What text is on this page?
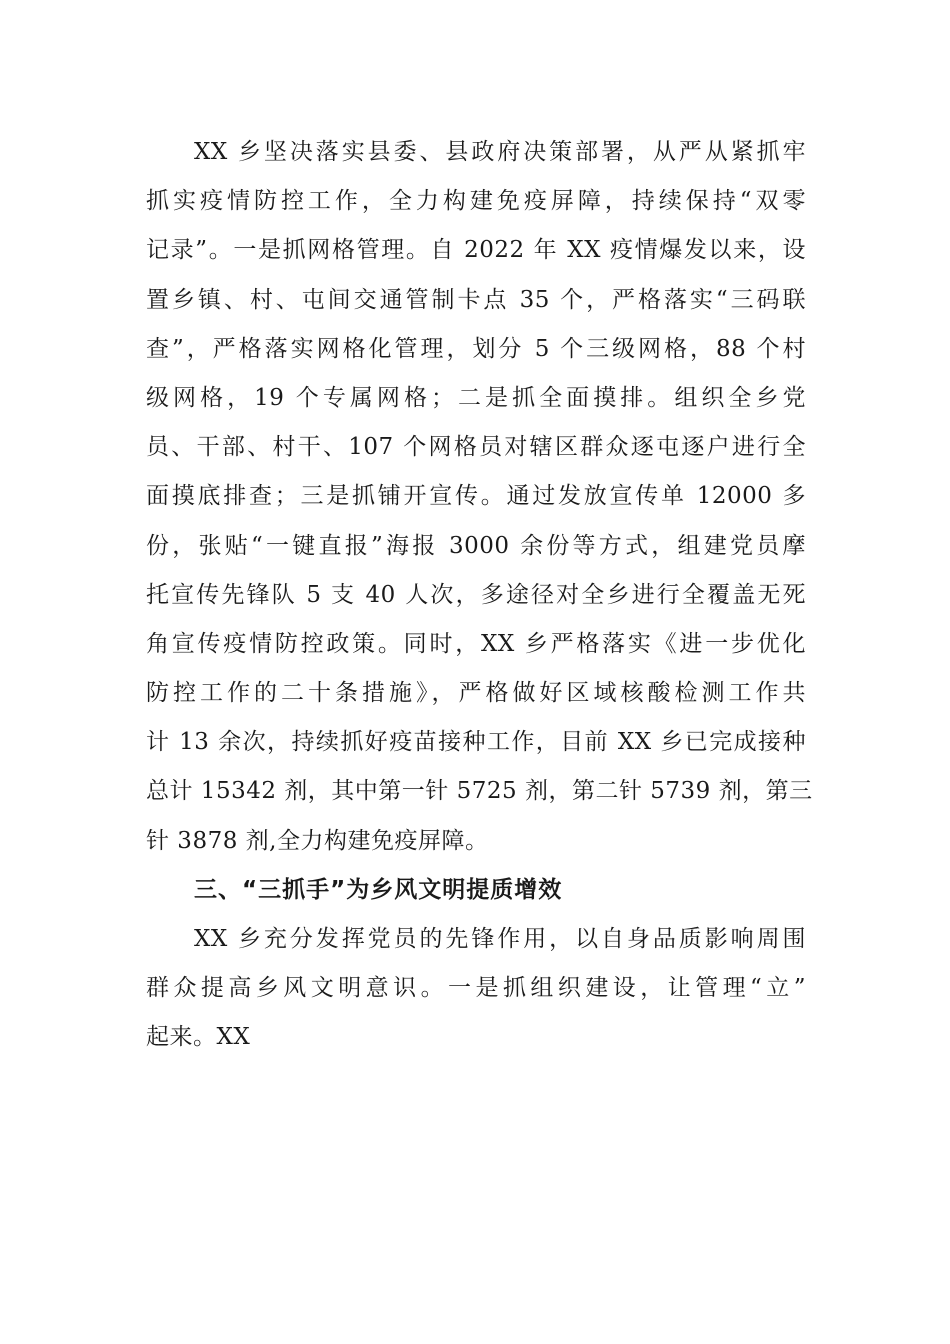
XX 乡坚决落实县委、县政府决策部署，从严从紧抓牢
抓实疫情防控工作，全力构建免疫屏障，持续保持“双零
记录”。一是抓网格管理。自 2022 年 XX 疫情爆发以来，设
置乡镇、村、屯间交通管制卡点 35 个，严格落实“三码联
查”，严格落实网格化管理，划分 5 个三级网格，88 个村
级网格，19 个专属网格；二是抓全面摸排。组织全乡党
员、干部、村干、107 个网格员对辖区群众逐屯逐户进行全
面摸底排查；三是抓铺开宣传。通过发放宣传单 12000 多
份，张贴“一键直报”海报 3000 余份等方式，组建党员摩
托宣传先锋队 5 支 40 人次，多途径对全乡进行全覆盖无死
角宣传疫情防控政策。同时，XX 乡严格落实《进一步优化
防控工作的二十条措施》，严格做好区域核酸检测工作共
计 13 余次，持续抓好疫苗接种工作，目前 XX 乡已完成接种
总计 15342 剂，其中第一针 5725 剂，第二针 5739 剂，第三
针 3878 剂,全力构建免疫屏障。
三、“三抓手”为乡风文明提质增效
XX 乡充分发挥党员的先锋作用，以自身品质影响周围
群众提高乡风文明意识。一是抓组织建设，让管理“立”
起来。XX
